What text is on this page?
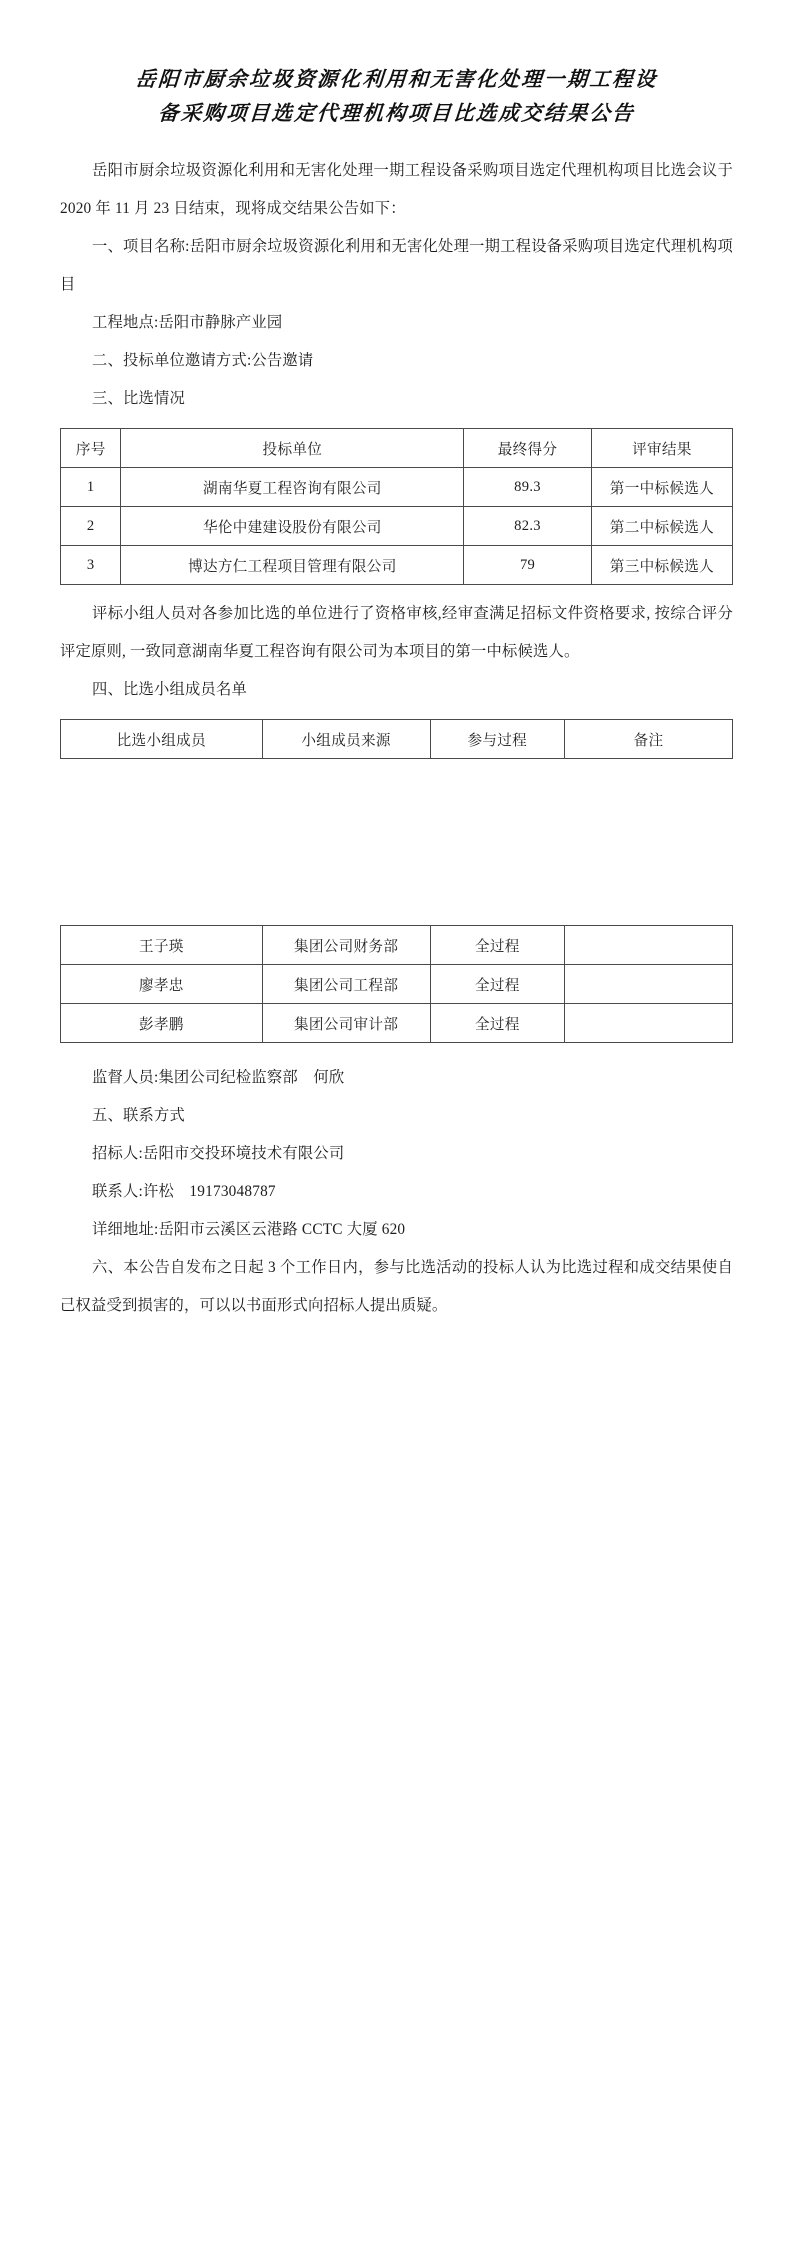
岳阳市厨余垃圾资源化利用和无害化处理一期工程设
备采购项目选定代理机构项目比选成交结果公告

岳阳市厨余垃圾资源化利用和无害化处理一期工程设备采购项目选定代理机构项目比选会议于 2020 年 11 月 23 日结束，现将成交结果公告如下：

一、项目名称:岳阳市厨余垃圾资源化利用和无害化处理一期工程设备采购项目选定代理机构项目

工程地点:岳阳市静脉产业园

二、投标单位邀请方式:公告邀请

三、比选情况

序号	投标单位	最终得分	评审结果
1	湖南华夏工程咨询有限公司	89.3	第一中标候选人
2	华伦中建建设股份有限公司	82.3	第二中标候选人
3	博达方仁工程项目管理有限公司	79	第三中标候选人

评标小组人员对各参加比选的单位进行了资格审核,经审查满足招标文件资格要求, 按综合评分评定原则, 一致同意湖南华夏工程咨询有限公司为本项目的第一中标候选人。

四、比选小组成员名单

比选小组成员	小组成员来源	参与过程	备注
王子瑛	集团公司财务部	全过程	
廖孝忠	集团公司工程部	全过程	
彭孝鹏	集团公司审计部	全过程	

监督人员:集团公司纪检监察部　何欣

五、联系方式

招标人:岳阳市交投环境技术有限公司

联系人:许松　19173048787

详细地址:岳阳市云溪区云港路 CCTC 大厦 620

六、本公告自发布之日起 3 个工作日内，参与比选活动的投标人认为比选过程和成交结果使自己权益受到损害的，可以以书面形式向招标人提出质疑。
